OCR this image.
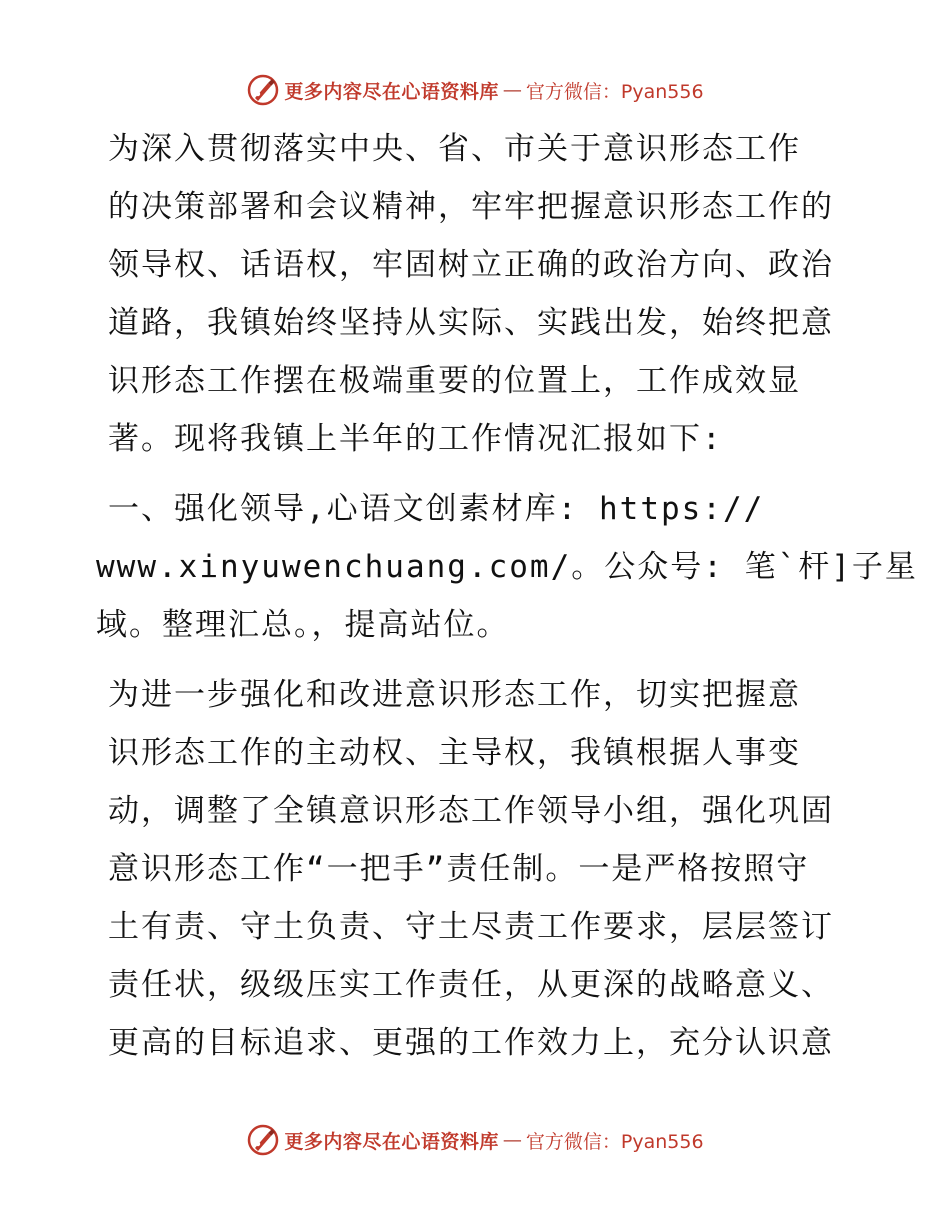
更多内容尽在心语资料库 — 官方微信：Pyan556
为深入贯彻落实中央、省、市关于意识形态工作
的决策部署和会议精神，牢牢把握意识形态工作的
领导权、话语权，牢固树立正确的政治方向、政治
道路，我镇始终坚持从实际、实践出发，始终把意
识形态工作摆在极端重要的位置上，工作成效显
著。现将我镇上半年的工作情况汇报如下:
一、强化领导,心语文创素材库: https://
www.xinyuwenchuang.com/。公众号: 笔`杆]子星
域。整理汇总。，提高站位。
为进一步强化和改进意识形态工作，切实把握意
识形态工作的主动权、主导权，我镇根据人事变
动，调整了全镇意识形态工作领导小组，强化巩固
意识形态工作“一把手”责任制。一是严格按照守
土有责、守土负责、守土尽责工作要求，层层签订
责任状，级级压实工作责任，从更深的战略意义、
更高的目标追求、更强的工作效力上，充分认识意
更多内容尽在心语资料库 — 官方微信：Pyan556
